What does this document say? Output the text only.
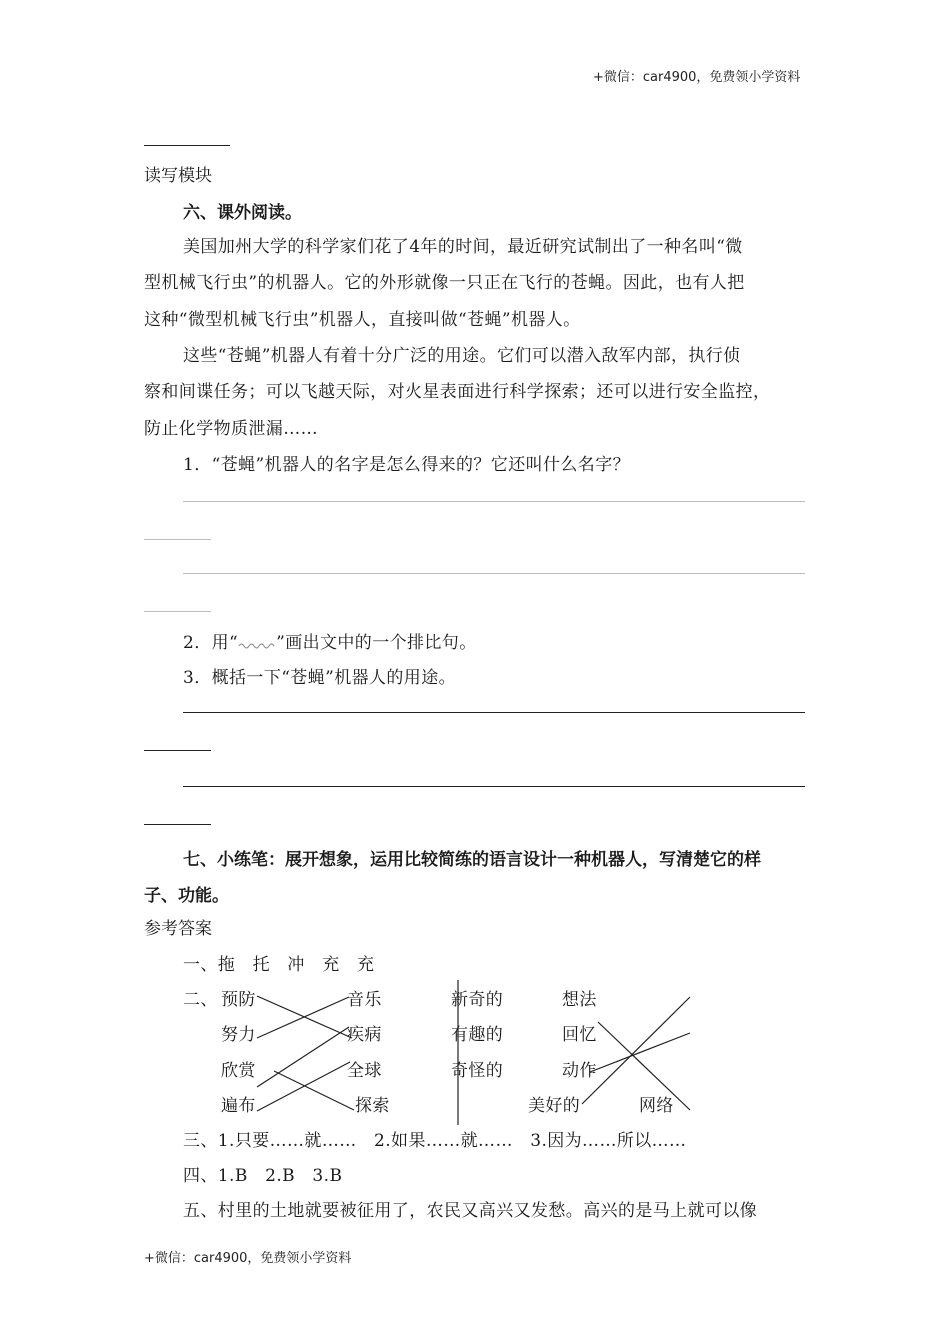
+微信：car4900，免费领小学资料
读写模块
六、课外阅读。
美国加州大学的科学家们花了4年的时间，最近研究试制出了一种名叫“微
型机械飞行虫”的机器人。它的外形就像一只正在飞行的苍蝇。因此，也有人把
这种“微型机械飞行虫”机器人，直接叫做“苍蝇”机器人。
这些“苍蝇”机器人有着十分广泛的用途。它们可以潜入敌军内部，执行侦
察和间谍任务；可以飞越天际，对火星表面进行科学探索；还可以进行安全监控，
防止化学物质泄漏……
1．“苍蝇”机器人的名字是怎么得来的？它还叫什么名字？
2．用“ ”画出文中的一个排比句。
3．概括一下“苍蝇”机器人的用途。
七、小练笔：展开想象，运用比较简练的语言设计一种机器人，写清楚它的样
子、功能。
参考答案
一、拖　托　冲　充　充
二、 预防
努力
欣赏
遍布
音乐
疾病
全球
探索
新奇的
有趣的
奇怪的
美好的
想法
回忆
动作
网络
三、1.只要……就……　2.如果……就……　3.因为……所以……
四、1.B　2.B　3.B
五、村里的土地就要被征用了，农民又高兴又发愁。高兴的是马上就可以像
+微信：car4900，免费领小学资料
